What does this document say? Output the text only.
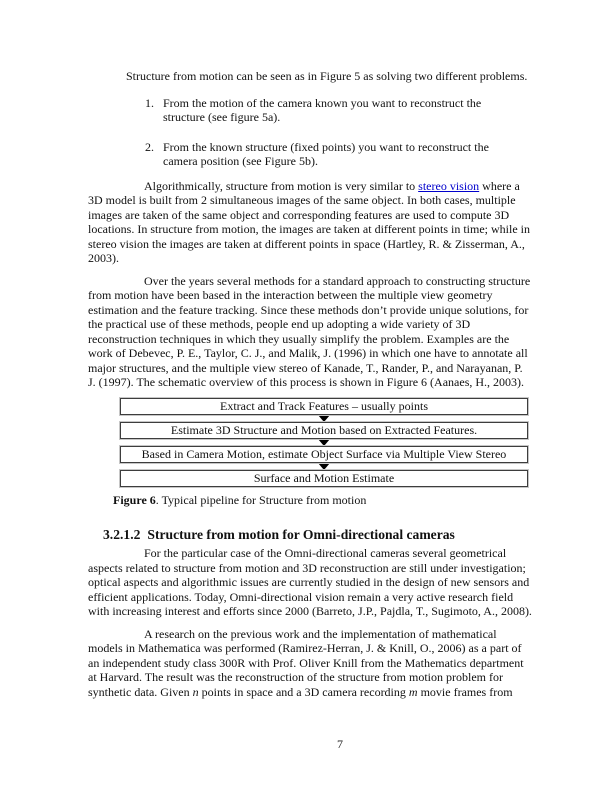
Structure from motion can be seen as in Figure 5 as solving two different problems.

1. From the motion of the camera known you want to reconstruct the structure (see figure 5a).
2. From the known structure (fixed points) you want to reconstruct the camera position (see Figure 5b).

Algorithmically, structure from motion is very similar to stereo vision where a 3D model is built from 2 simultaneous images of the same object. In both cases, multiple images are taken of the same object and corresponding features are used to compute 3D locations. In structure from motion, the images are taken at different points in time; while in stereo vision the images are taken at different points in space (Hartley, R. & Zisserman, A., 2003).

Over the years several methods for a standard approach to constructing structure from motion have been based in the interaction between the multiple view geometry estimation and the feature tracking. Since these methods don’t provide unique solutions, for the practical use of these methods, people end up adopting a wide variety of 3D reconstruction techniques in which they usually simplify the problem. Examples are the work of Debevec, P. E., Taylor, C. J., and Malik, J. (1996) in which one have to annotate all major structures, and the multiple view stereo of Kanade, T., Rander, P., and Narayanan, P. J. (1997). The schematic overview of this process is shown in Figure 6 (Aanaes, H., 2003).

Extract and Track Features – usually points
Estimate 3D Structure and Motion based on Extracted Features.
Based in Camera Motion, estimate Object Surface via Multiple View Stereo
Surface and Motion Estimate

Figure 6. Typical pipeline for Structure from motion

3.2.1.2 Structure from motion for Omni-directional cameras

For the particular case of the Omni-directional cameras several geometrical aspects related to structure from motion and 3D reconstruction are still under investigation; optical aspects and algorithmic issues are currently studied in the design of new sensors and efficient applications. Today, Omni-directional vision remain a very active research field with increasing interest and efforts since 2000 (Barreto, J.P., Pajdla, T., Sugimoto, A., 2008).

A research on the previous work and the implementation of mathematical models in Mathematica was performed (Ramirez-Herran, J. & Knill, O., 2006) as a part of an independent study class 300R with Prof. Oliver Knill from the Mathematics department at Harvard. The result was the reconstruction of the structure from motion problem for synthetic data. Given n points in space and a 3D camera recording m movie frames from

7
